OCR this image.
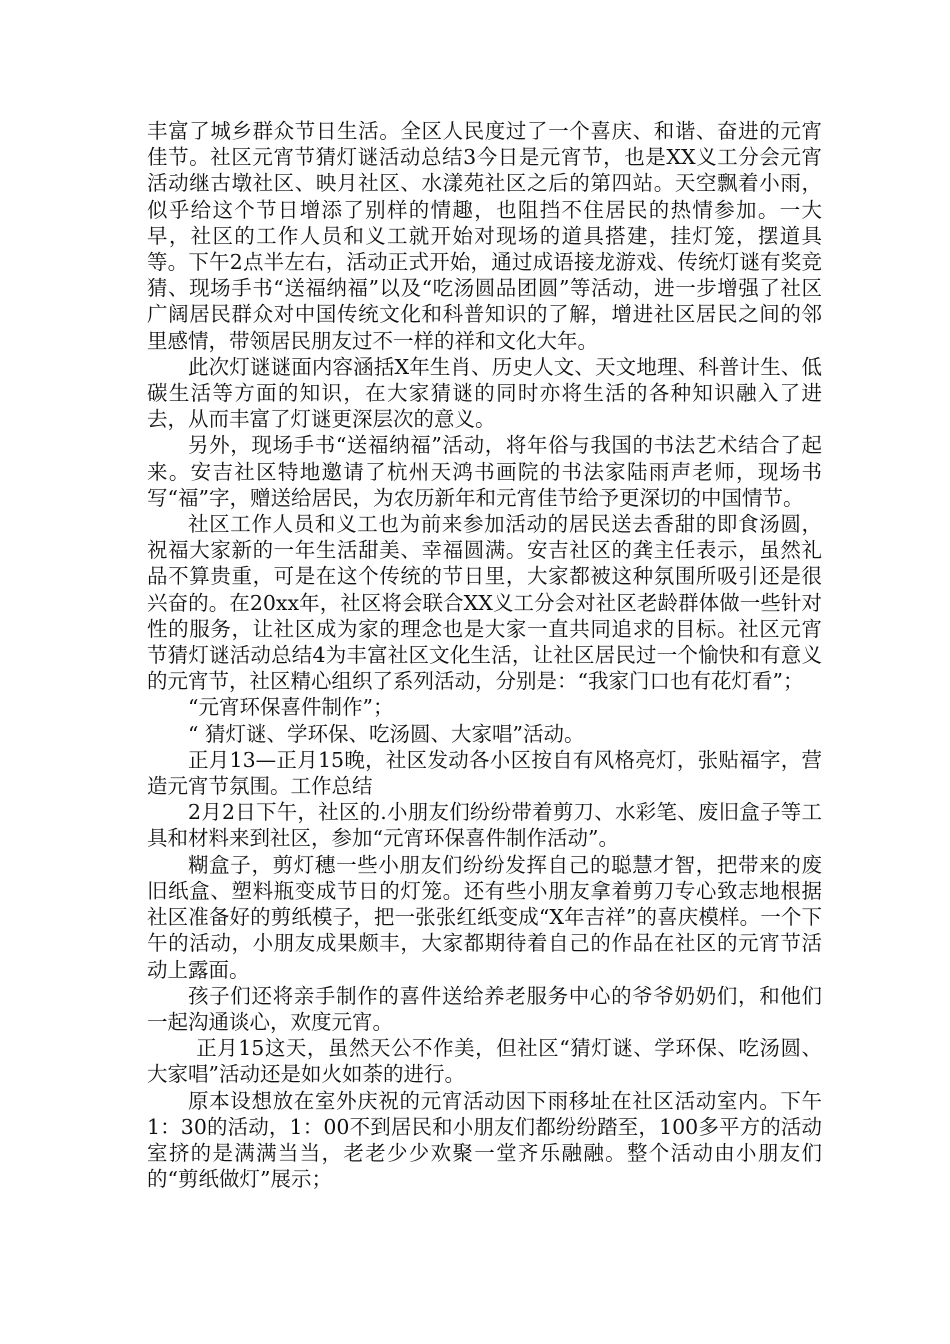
丰富了城乡群众节日生活。全区人民度过了一个喜庆、和谐、奋进的元宵佳节。社区元宵节猜灯谜活动总结3今日是元宵节，也是XX义工分会元宵活动继古墩社区、映月社区、水漾苑社区之后的第四站。天空飘着小雨，似乎给这个节日增添了别样的情趣，也阻挡不住居民的热情参加。一大早，社区的工作人员和义工就开始对现场的道具搭建，挂灯笼，摆道具等。下午2点半左右，活动正式开始，通过成语接龙游戏、传统灯谜有奖竞猜、现场手书“送福纳福”以及“吃汤圆品团圆”等活动，进一步增强了社区广阔居民群众对中国传统文化和科普知识的了解，增进社区居民之间的邻里感情，带领居民朋友过不一样的祥和文化大年。

此次灯谜谜面内容涵括X年生肖、历史人文、天文地理、科普计生、低碳生活等方面的知识，在大家猜谜的同时亦将生活的各种知识融入了进去，从而丰富了灯谜更深层次的意义。

另外，现场手书“送福纳福”活动，将年俗与我国的书法艺术结合了起来。安吉社区特地邀请了杭州天鸿书画院的书法家陆雨声老师，现场书写“福”字，赠送给居民，为农历新年和元宵佳节给予更深切的中国情节。

社区工作人员和义工也为前来参加活动的居民送去香甜的即食汤圆，祝福大家新的一年生活甜美、幸福圆满。安吉社区的龚主任表示，虽然礼品不算贵重，可是在这个传统的节日里，大家都被这种氛围所吸引还是很兴奋的。在20xx年，社区将会联合XX义工分会对社区老龄群体做一些针对性的服务，让社区成为家的理念也是大家一直共同追求的目标。社区元宵节猜灯谜活动总结4为丰富社区文化生活，让社区居民过一个愉快和有意义的元宵节，社区精心组织了系列活动，分别是：“我家门口也有花灯看”；

“元宵环保喜件制作”；

“ 猜灯谜、学环保、吃汤圆、大家唱”活动。

正月13—正月15晚，社区发动各小区按自有风格亮灯，张贴福字，营造元宵节氛围。工作总结

2月2日下午，社区的.小朋友们纷纷带着剪刀、水彩笔、废旧盒子等工具和材料来到社区，参加“元宵环保喜件制作活动”。

糊盒子，剪灯穗一些小朋友们纷纷发挥自己的聪慧才智，把带来的废旧纸盒、塑料瓶变成节日的灯笼。还有些小朋友拿着剪刀专心致志地根据社区准备好的剪纸模子，把一张张红纸变成“X年吉祥”的喜庆模样。一个下午的活动，小朋友成果颇丰，大家都期待着自己的作品在社区的元宵节活动上露面。

孩子们还将亲手制作的喜件送给养老服务中心的爷爷奶奶们，和他们一起沟通谈心，欢度元宵。

正月15这天，虽然天公不作美，但社区“猜灯谜、学环保、吃汤圆、大家唱”活动还是如火如荼的进行。

原本设想放在室外庆祝的元宵活动因下雨移址在社区活动室内。下午1：30的活动，1：00不到居民和小朋友们都纷纷踏至，100多平方的活动室挤的是满满当当，老老少少欢聚一堂齐乐融融。整个活动由小朋友们的“剪纸做灯”展示；
